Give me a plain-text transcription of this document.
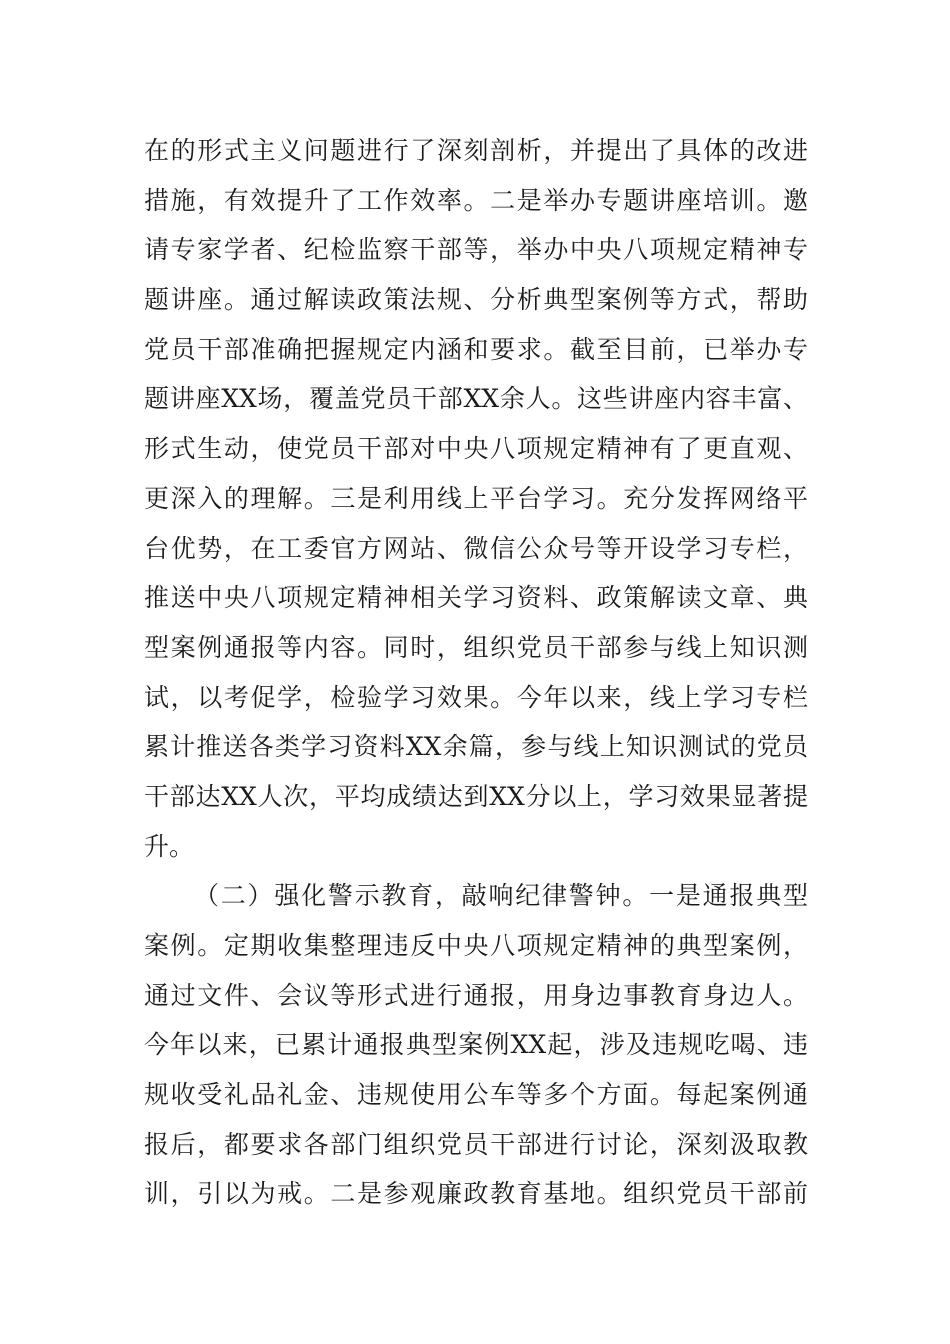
在的形式主义问题进行了深刻剖析，并提出了具体的改进
措施，有效提升了工作效率。二是举办专题讲座培训。邀
请专家学者、纪检监察干部等，举办中央八项规定精神专
题讲座。通过解读政策法规、分析典型案例等方式，帮助
党员干部准确把握规定内涵和要求。截至目前，已举办专
题讲座XX场，覆盖党员干部XX余人。这些讲座内容丰富、
形式生动，使党员干部对中央八项规定精神有了更直观、
更深入的理解。三是利用线上平台学习。充分发挥网络平
台优势，在工委官方网站、微信公众号等开设学习专栏，
推送中央八项规定精神相关学习资料、政策解读文章、典
型案例通报等内容。同时，组织党员干部参与线上知识测
试，以考促学，检验学习效果。今年以来，线上学习专栏
累计推送各类学习资料XX余篇，参与线上知识测试的党员
干部达XX人次，平均成绩达到XX分以上，学习效果显著提
升。
（二）强化警示教育，敲响纪律警钟。一是通报典型
案例。定期收集整理违反中央八项规定精神的典型案例，
通过文件、会议等形式进行通报，用身边事教育身边人。
今年以来，已累计通报典型案例XX起，涉及违规吃喝、违
规收受礼品礼金、违规使用公车等多个方面。每起案例通
报后，都要求各部门组织党员干部进行讨论，深刻汲取教
训，引以为戒。二是参观廉政教育基地。组织党员干部前
